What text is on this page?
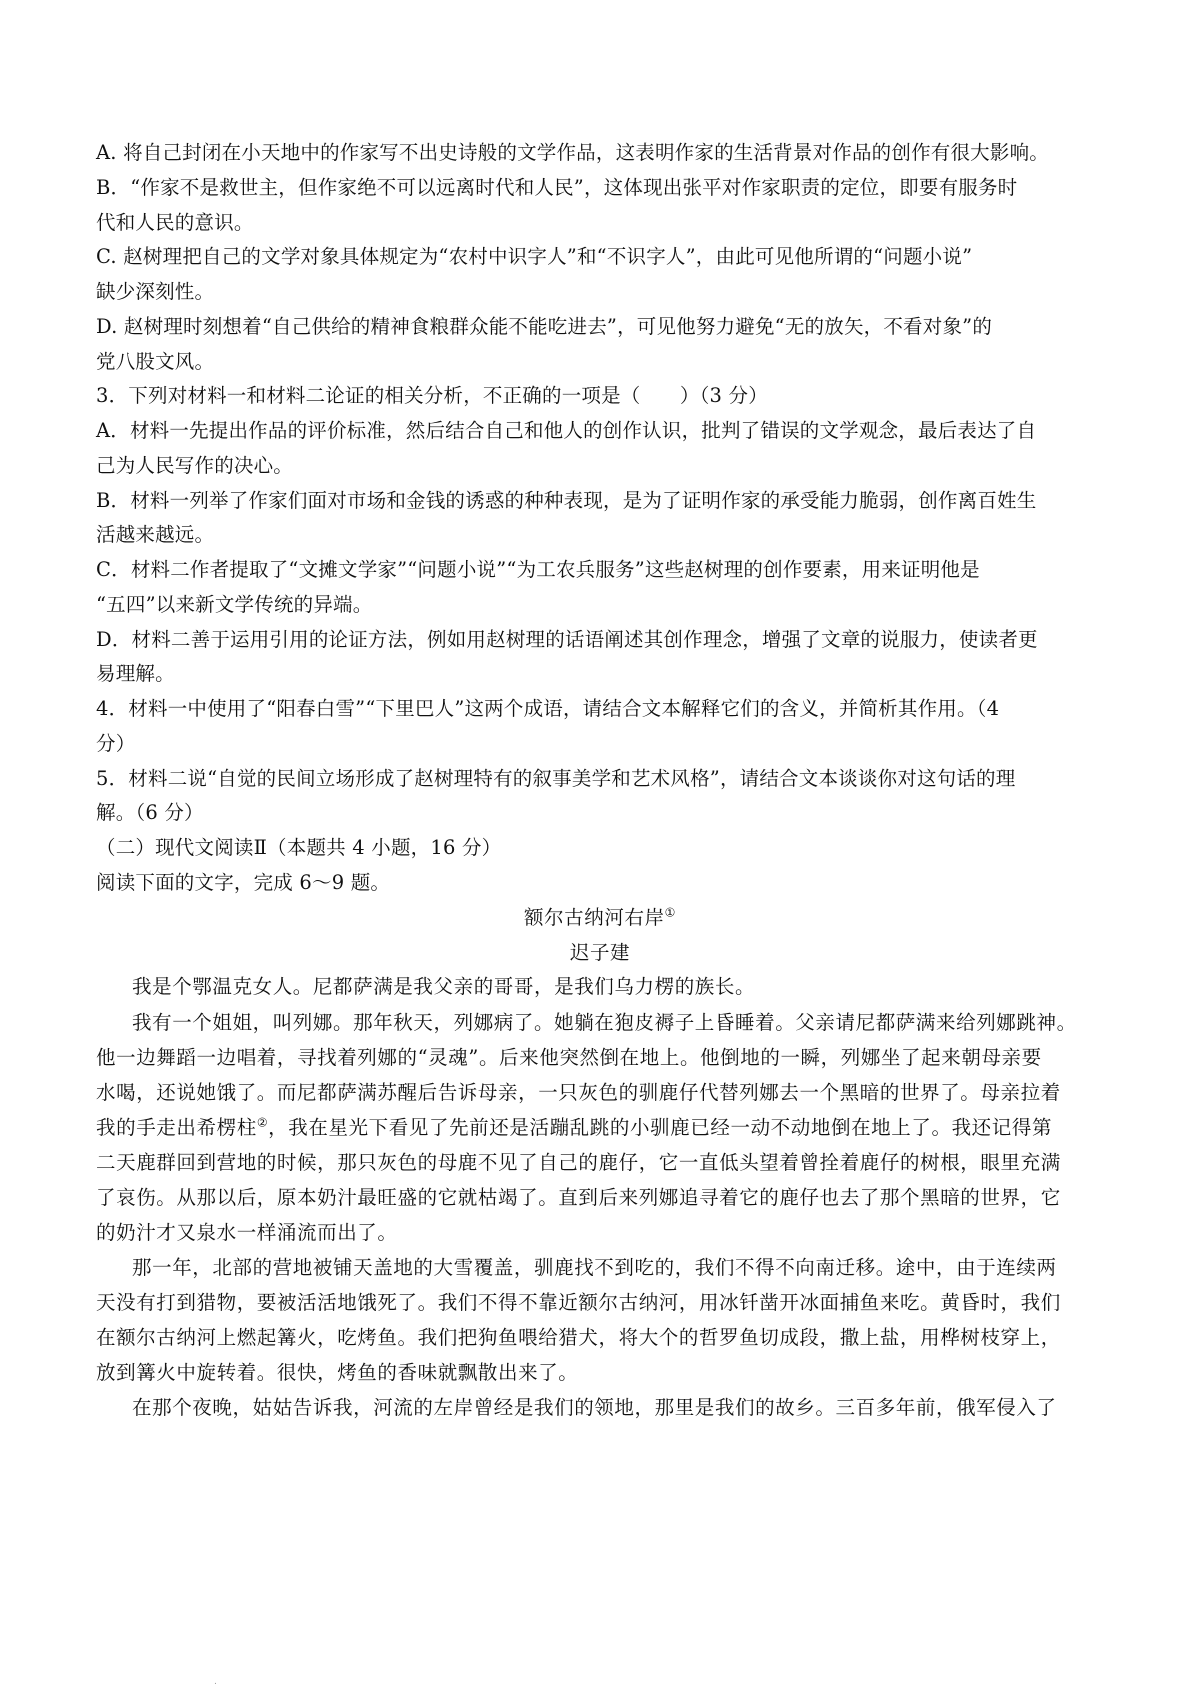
A. 将自己封闭在小天地中的作家写不出史诗般的文学作品，这表明作家的生活背景对作品的创作有很大影响。
B．“作家不是救世主，但作家绝不可以远离时代和人民”，这体现出张平对作家职责的定位，即要有服务时
代和人民的意识。
C. 赵树理把自己的文学对象具体规定为“农村中识字人”和“不识字人”，由此可见他所谓的“问题小说”
缺少深刻性。
D. 赵树理时刻想着“自己供给的精神食粮群众能不能吃进去”，可见他努力避免“无的放矢，不看对象”的
党八股文风。
3．下列对材料一和材料二论证的相关分析，不正确的一项是（　　）（3 分）
A．材料一先提出作品的评价标准，然后结合自己和他人的创作认识，批判了错误的文学观念，最后表达了自
己为人民写作的决心。
B．材料一列举了作家们面对市场和金钱的诱惑的种种表现，是为了证明作家的承受能力脆弱，创作离百姓生
活越来越远。
C．材料二作者提取了“文摊文学家”“问题小说”“为工农兵服务”这些赵树理的创作要素，用来证明他是
“五四”以来新文学传统的异端。
D．材料二善于运用引用的论证方法，例如用赵树理的话语阐述其创作理念，增强了文章的说服力，使读者更
易理解。
4．材料一中使用了“阳春白雪”“下里巴人”这两个成语，请结合文本解释它们的含义，并简析其作用。（4
分）
5．材料二说“自觉的民间立场形成了赵树理特有的叙事美学和艺术风格”，请结合文本谈谈你对这句话的理
解。（6 分）
（二）现代文阅读Ⅱ（本题共 4 小题，16 分）
阅读下面的文字，完成 6～9 题。
额尔古纳河右岸①
迟子建
我是个鄂温克女人。尼都萨满是我父亲的哥哥，是我们乌力楞的族长。
我有一个姐姐，叫列娜。那年秋天，列娜病了。她躺在狍皮褥子上昏睡着。父亲请尼都萨满来给列娜跳神。
他一边舞蹈一边唱着，寻找着列娜的“灵魂”。后来他突然倒在地上。他倒地的一瞬，列娜坐了起来朝母亲要
水喝，还说她饿了。而尼都萨满苏醒后告诉母亲，一只灰色的驯鹿仔代替列娜去一个黑暗的世界了。母亲拉着
我的手走出希楞柱②，我在星光下看见了先前还是活蹦乱跳的小驯鹿已经一动不动地倒在地上了。我还记得第
二天鹿群回到营地的时候，那只灰色的母鹿不见了自己的鹿仔，它一直低头望着曾拴着鹿仔的树根，眼里充满
了哀伤。从那以后，原本奶汁最旺盛的它就枯竭了。直到后来列娜追寻着它的鹿仔也去了那个黑暗的世界，它
的奶汁才又泉水一样涌流而出了。
那一年，北部的营地被铺天盖地的大雪覆盖，驯鹿找不到吃的，我们不得不向南迁移。途中，由于连续两
天没有打到猎物，要被活活地饿死了。我们不得不靠近额尔古纳河，用冰钎凿开冰面捕鱼来吃。黄昏时，我们
在额尔古纳河上燃起篝火，吃烤鱼。我们把狗鱼喂给猎犬，将大个的哲罗鱼切成段，撒上盐，用桦树枝穿上，
放到篝火中旋转着。很快，烤鱼的香味就飘散出来了。
在那个夜晚，姑姑告诉我，河流的左岸曾经是我们的领地，那里是我们的故乡。三百多年前，俄军侵入了
.
